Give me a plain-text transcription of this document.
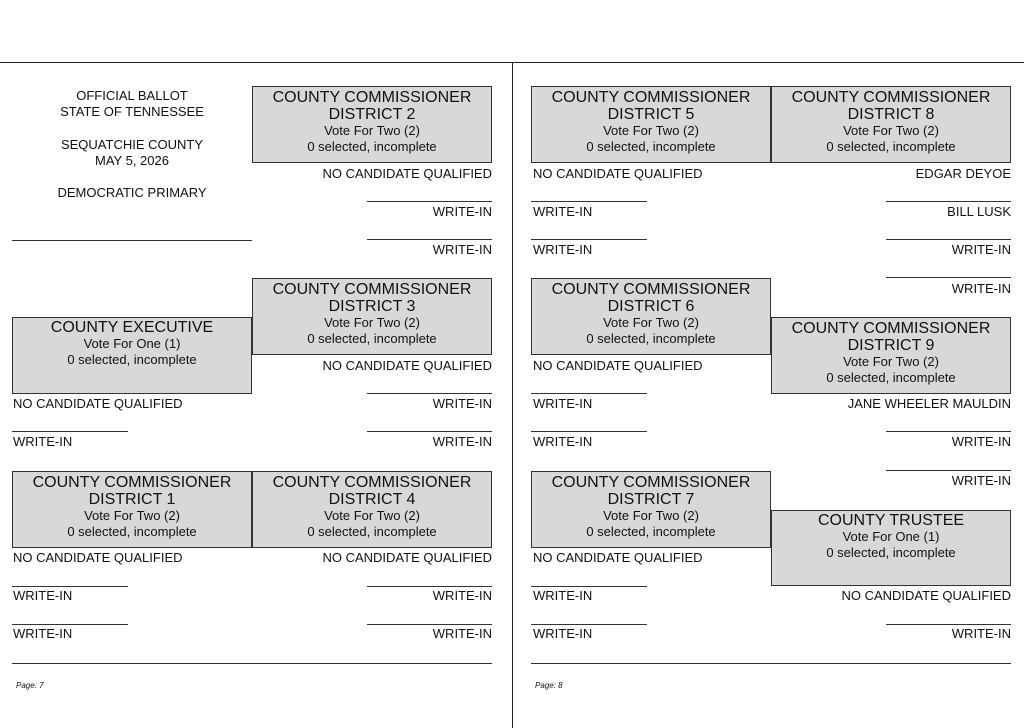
OFFICIAL BALLOT
STATE OF TENNESSEE
SEQUATCHIE COUNTY
MAY 5, 2026
DEMOCRATIC PRIMARY
COUNTY COMMISSIONER
DISTRICT 2
Vote For Two (2)
0 selected, incomplete
NO CANDIDATE QUALIFIED
WRITE-IN
WRITE-IN
COUNTY COMMISSIONER
DISTRICT 3
Vote For Two (2)
0 selected, incomplete
NO CANDIDATE QUALIFIED
WRITE-IN
WRITE-IN
COUNTY EXECUTIVE
Vote For One (1)
0 selected, incomplete
NO CANDIDATE QUALIFIED
WRITE-IN
COUNTY COMMISSIONER
DISTRICT 1
Vote For Two (2)
0 selected, incomplete
NO CANDIDATE QUALIFIED
WRITE-IN
WRITE-IN
COUNTY COMMISSIONER
DISTRICT 4
Vote For Two (2)
0 selected, incomplete
NO CANDIDATE QUALIFIED
WRITE-IN
WRITE-IN
Page: 7
COUNTY COMMISSIONER
DISTRICT 5
Vote For Two (2)
0 selected, incomplete
NO CANDIDATE QUALIFIED
WRITE-IN
WRITE-IN
COUNTY COMMISSIONER
DISTRICT 8
Vote For Two (2)
0 selected, incomplete
EDGAR DEYOE
BILL LUSK
WRITE-IN
WRITE-IN
COUNTY COMMISSIONER
DISTRICT 6
Vote For Two (2)
0 selected, incomplete
NO CANDIDATE QUALIFIED
WRITE-IN
WRITE-IN
COUNTY COMMISSIONER
DISTRICT 9
Vote For Two (2)
0 selected, incomplete
JANE WHEELER MAULDIN
WRITE-IN
WRITE-IN
COUNTY COMMISSIONER
DISTRICT 7
Vote For Two (2)
0 selected, incomplete
NO CANDIDATE QUALIFIED
WRITE-IN
WRITE-IN
COUNTY TRUSTEE
Vote For One (1)
0 selected, incomplete
NO CANDIDATE QUALIFIED
WRITE-IN
Page: 8
